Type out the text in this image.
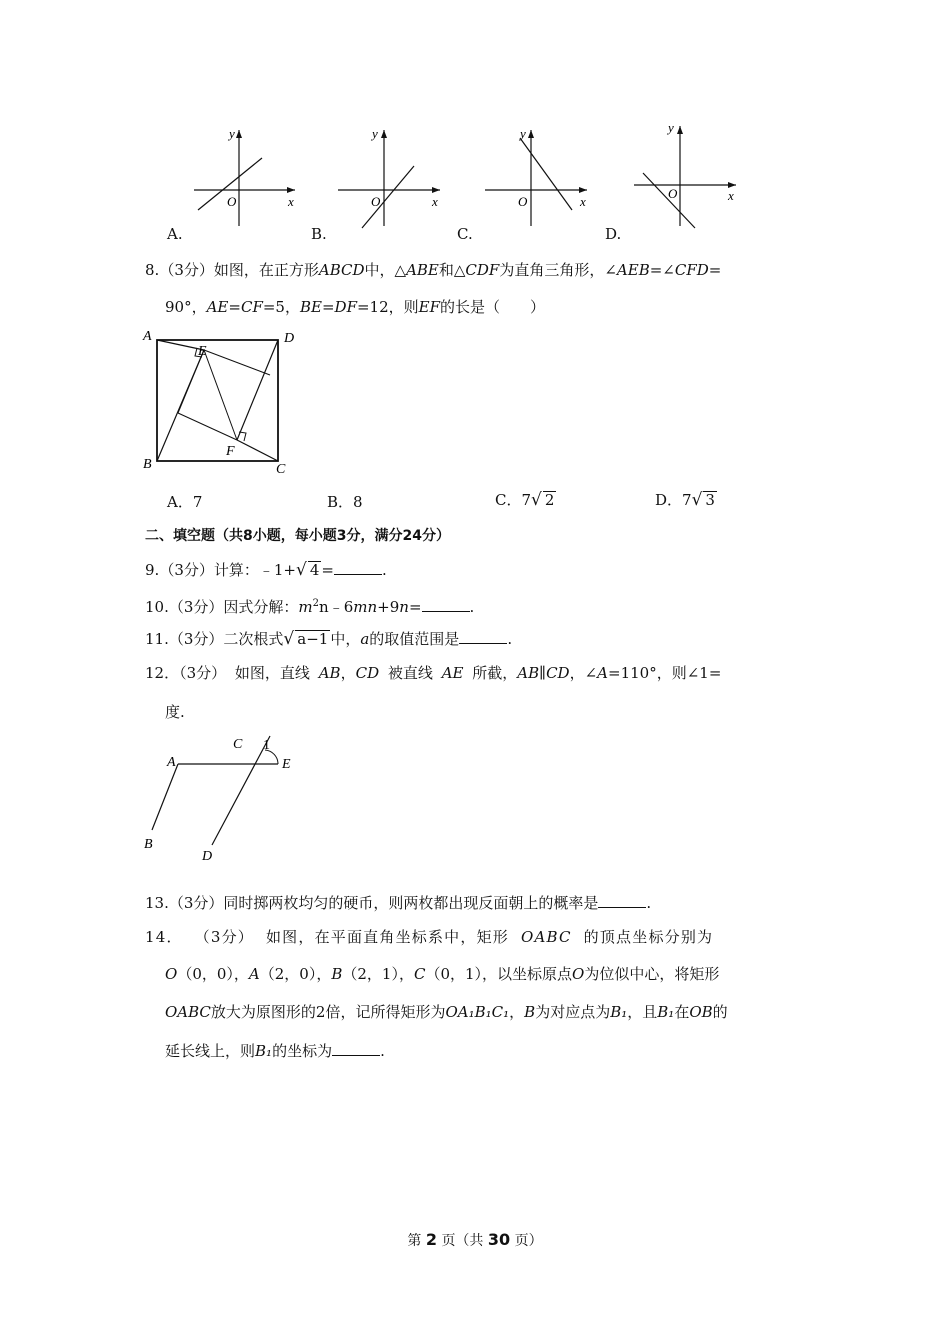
y
O	x
y
O	x
y
O	x
y
O	x
A.	B.	C.	D.
8.（3分）如图，在正方形ABCD中，△ABE和△CDF为直角三角形，∠AEB=∠CFD=
90°，AE=CF=5，BE=DF=12，则EF的长是（　　）
A	D
E
F
B	C
A．7	B．8	C．7√ 2	D．7√ 3
二、填空题（共8小题，每小题3分，满分24分）
9.（3分）计算：﹣1+√ 4 =	.
10.（3分）因式分解：$m^2n﹣6mn+9n=$	.
11.（3分）二次根式√ a−1 中，a的取值范围是	.
12．（3分） 如图，直线 AB，CD 被直线 AE 所截，AB∥CD，∠A=110°，则∠1=
度.
A
C 1
E
B
D
13.（3分）同时掷两枚均匀的硬币，则两枚都出现反面朝上的概率是	.
14． （3分） 如图，在平面直角坐标系中，矩形 OABC 的顶点坐标分别为
O（0，0），A（2，0），B（2，1），C（0，1），以坐标原点O为位似中心，将矩形
OABC放大为原图形的2倍，记所得矩形为OA₁B₁C₁，B为对应点为B₁，且B₁在OB的
延长线上，则B₁的坐标为	.
第 2 页（共 30 页）
